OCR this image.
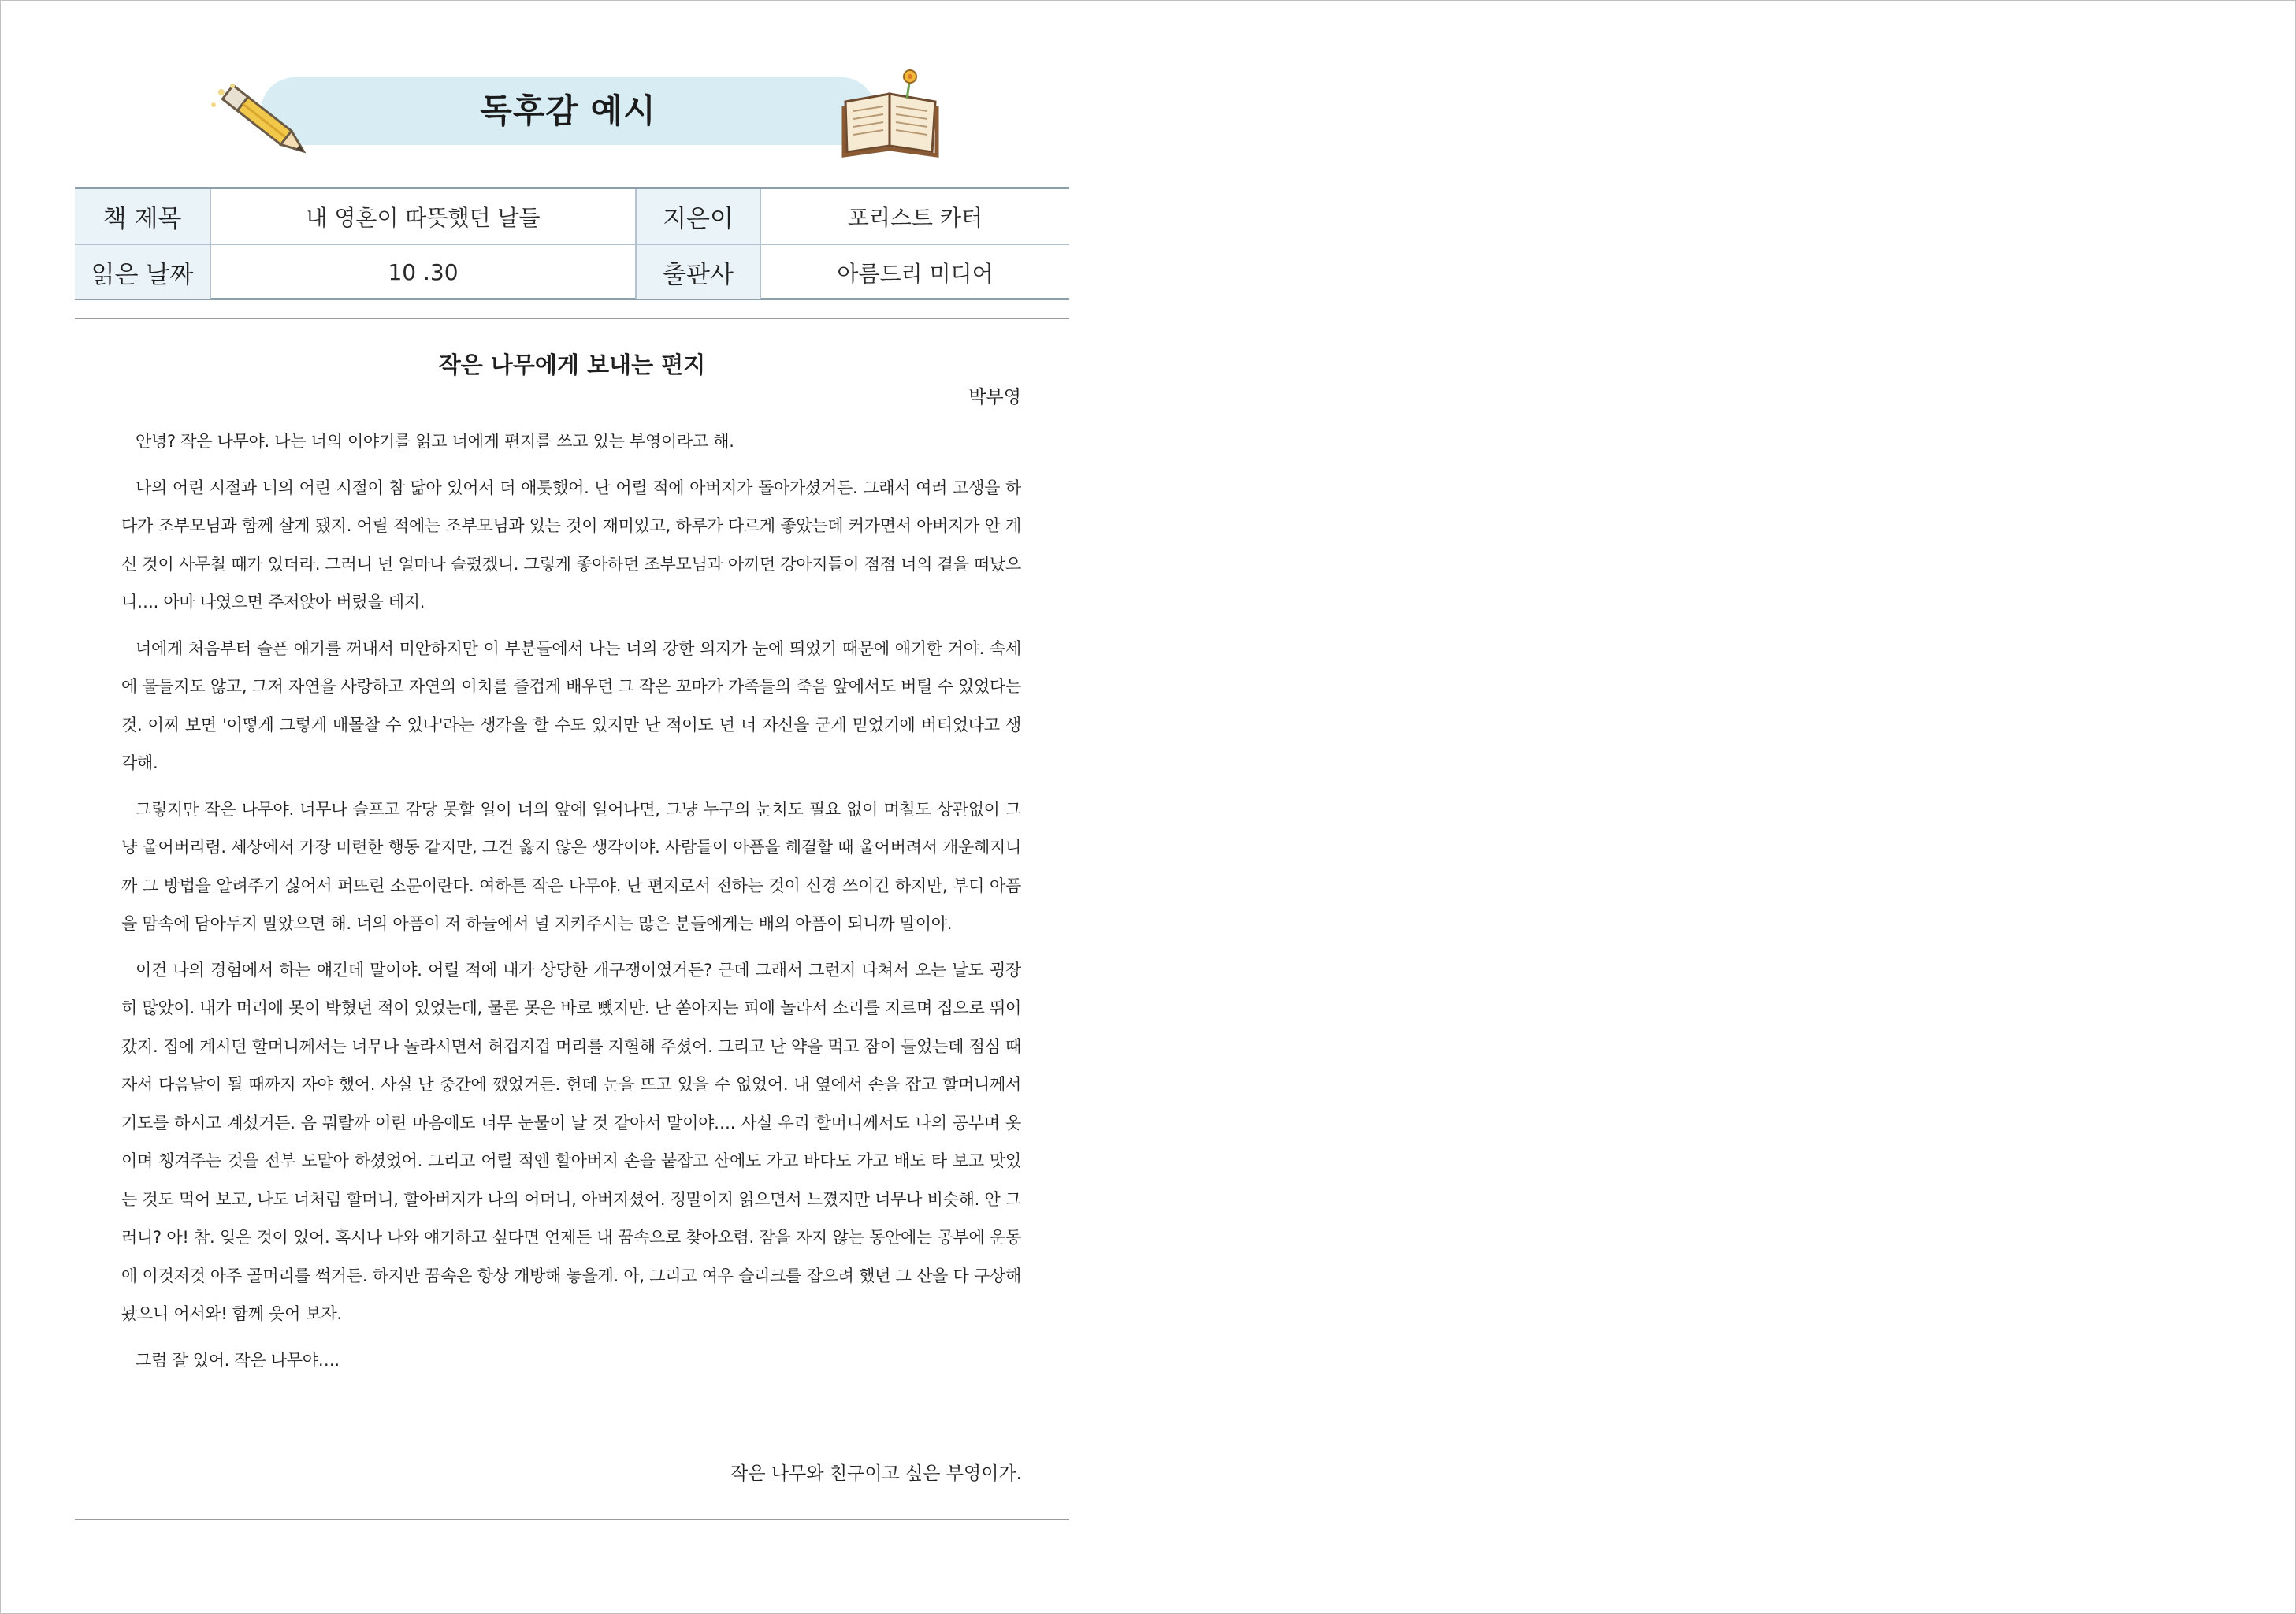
독후감 예시
책 제목	내 영혼이 따뜻했던 날들	지은이	포리스트 카터
읽은 날짜	10 .30	출판사	아름드리 미디어
작은 나무에게 보내는 편지
박부영

안녕? 작은 나무야. 나는 너의 이야기를 읽고 너에게 편지를 쓰고 있는 부영이라고 해.

나의 어린 시절과 너의 어린 시절이 참 닮아 있어서 더 애틋했어. 난 어릴 적에 아버지가 돌아가셨거든. 그래서 여러 고생을 하다가 조부모님과 함께 살게 됐지. 어릴 적에는 조부모님과 있는 것이 재미있고, 하루가 다르게 좋았는데 커가면서 아버지가 안 계신 것이 사무칠 때가 있더라. 그러니 넌 얼마나 슬펐겠니. 그렇게 좋아하던 조부모님과 아끼던 강아지들이 점점 너의 곁을 떠났으니…. 아마 나였으면 주저앉아 버렸을 테지.

너에게 처음부터 슬픈 얘기를 꺼내서 미안하지만 이 부분들에서 나는 너의 강한 의지가 눈에 띄었기 때문에 얘기한 거야. 속세에 물들지도 않고, 그저 자연을 사랑하고 자연의 이치를 즐겁게 배우던 그 작은 꼬마가 가족들의 죽음 앞에서도 버틸 수 있었다는 것. 어찌 보면 '어떻게 그렇게 매몰찰 수 있나'라는 생각을 할 수도 있지만 난 적어도 넌 너 자신을 굳게 믿었기에 버티었다고 생각해.

그렇지만 작은 나무야. 너무나 슬프고 감당 못할 일이 너의 앞에 일어나면, 그냥 누구의 눈치도 필요 없이 며칠도 상관없이 그냥 울어버리렴. 세상에서 가장 미련한 행동 같지만, 그건 옳지 않은 생각이야. 사람들이 아픔을 해결할 때 울어버려서 개운해지니까 그 방법을 알려주기 싫어서 퍼뜨린 소문이란다. 여하튼 작은 나무야. 난 편지로서 전하는 것이 신경 쓰이긴 하지만, 부디 아픔을 맘속에 담아두지 말았으면 해. 너의 아픔이 저 하늘에서 널 지켜주시는 많은 분들에게는 배의 아픔이 되니까 말이야.

이건 나의 경험에서 하는 얘긴데 말이야. 어릴 적에 내가 상당한 개구쟁이였거든? 근데 그래서 그런지 다쳐서 오는 날도 굉장히 많았어. 내가 머리에 못이 박혔던 적이 있었는데, 물론 못은 바로 뺐지만. 난 쏟아지는 피에 놀라서 소리를 지르며 집으로 뛰어갔지. 집에 계시던 할머니께서는 너무나 놀라시면서 허겁지겁 머리를 지혈해 주셨어. 그리고 난 약을 먹고 잠이 들었는데 점심 때 자서 다음날이 될 때까지 자야 했어. 사실 난 중간에 깼었거든. 헌데 눈을 뜨고 있을 수 없었어. 내 옆에서 손을 잡고 할머니께서 기도를 하시고 계셨거든. 음 뭐랄까 어린 마음에도 너무 눈물이 날 것 같아서 말이야…. 사실 우리 할머니께서도 나의 공부며 옷이며 챙겨주는 것을 전부 도맡아 하셨었어. 그리고 어릴 적엔 할아버지 손을 붙잡고 산에도 가고 바다도 가고 배도 타 보고 맛있는 것도 먹어 보고, 나도 너처럼 할머니, 할아버지가 나의 어머니, 아버지셨어. 정말이지 읽으면서 느꼈지만 너무나 비슷해. 안 그러니? 아! 참. 잊은 것이 있어. 혹시나 나와 얘기하고 싶다면 언제든 내 꿈속으로 찾아오렴. 잠을 자지 않는 동안에는 공부에 운동에 이것저것 아주 골머리를 썩거든. 하지만 꿈속은 항상 개방해 놓을게. 아, 그리고 여우 슬리크를 잡으려 했던 그 산을 다 구상해 놨으니 어서와! 함께 웃어 보자.

그럼 잘 있어. 작은 나무야….

작은 나무와 친구이고 싶은 부영이가.
